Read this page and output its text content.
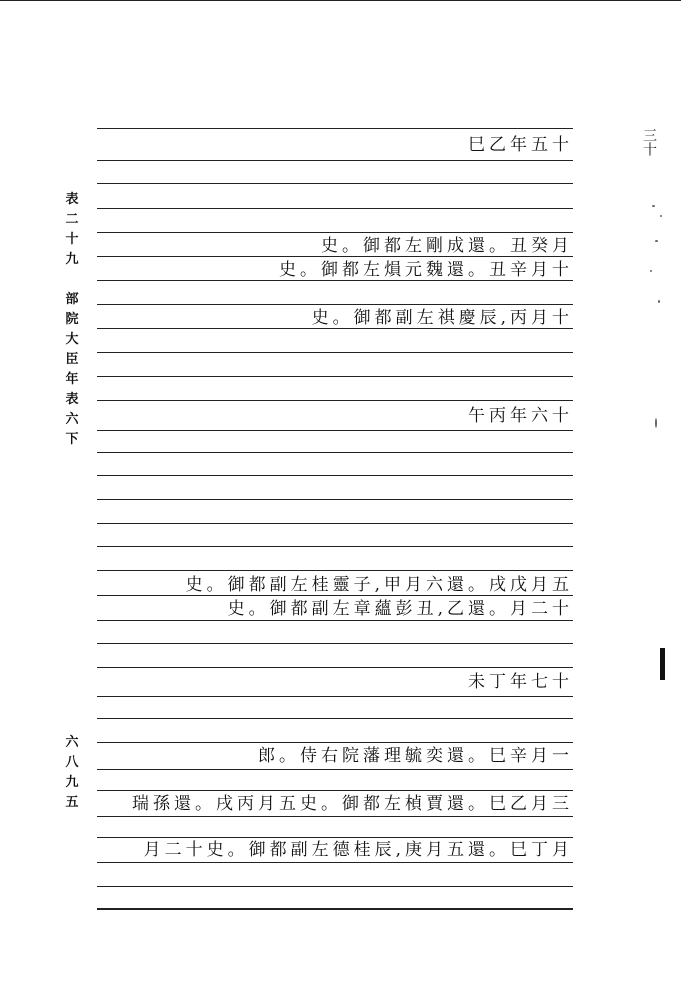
表
二
十
九

部
院
大
臣
年
表
六
下
六
八
九
五
巳乙年五十
史。御都左剛成還。丑癸月
史。御都左熉元魏還。丑辛月十
史。御都副左祺慶辰,丙月十
午丙年六十
史。御都副左桂靈子,甲月六還。戌戊月五
史。御都副左章蘊彭丑,乙還。月二十
未丁年七十
郎。侍右院藩理毓奕還。巳辛月一
瑞孫還。戌丙月五史。御都左楨賈還。巳乙月三
月二十史。御都副左德桂辰,庚月五還。巳丁月
三十
